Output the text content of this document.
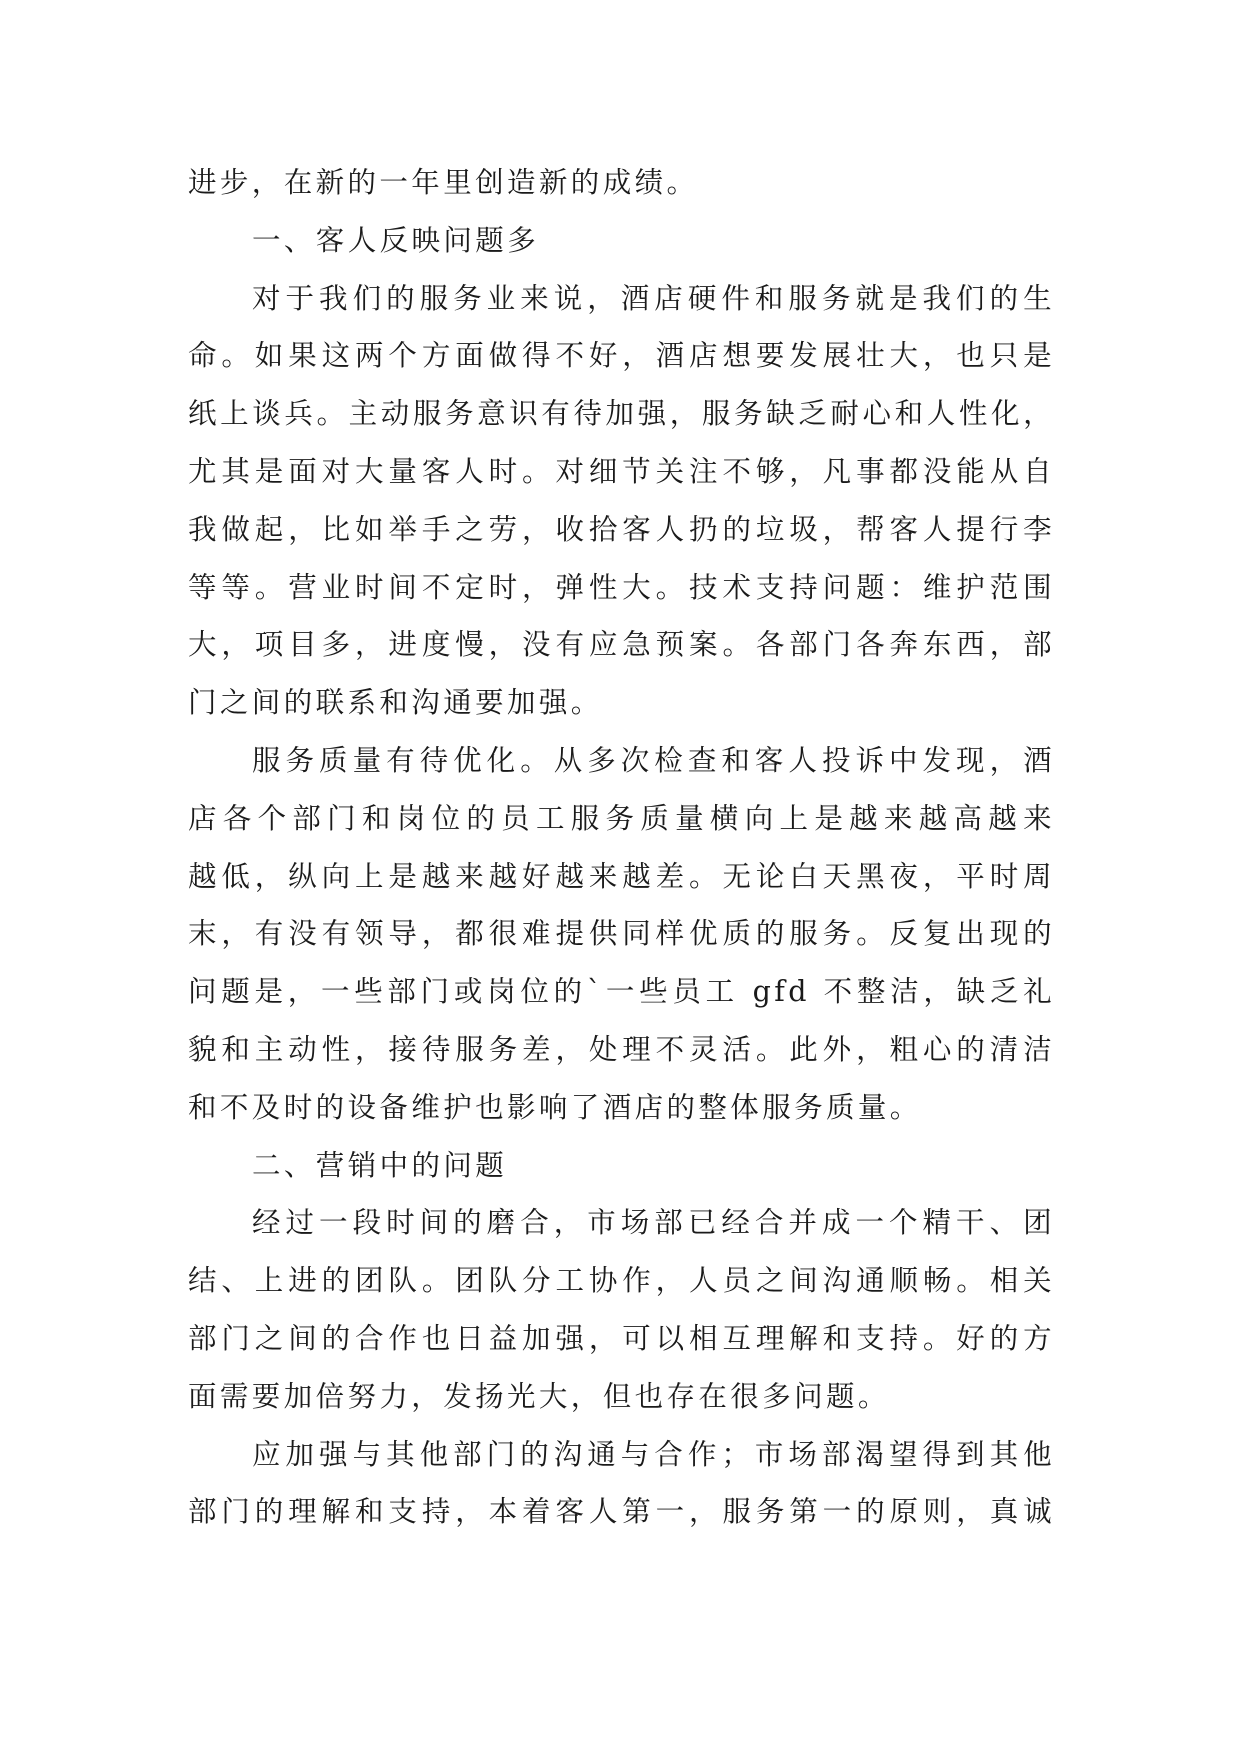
进步，在新的一年里创造新的成绩。
一、客人反映问题多
对于我们的服务业来说，酒店硬件和服务就是我们的生
命。如果这两个方面做得不好，酒店想要发展壮大，也只是
纸上谈兵。主动服务意识有待加强，服务缺乏耐心和人性化，
尤其是面对大量客人时。对细节关注不够，凡事都没能从自
我做起，比如举手之劳，收拾客人扔的垃圾，帮客人提行李
等等。营业时间不定时，弹性大。技术支持问题：维护范围
大，项目多，进度慢，没有应急预案。各部门各奔东西，部
门之间的联系和沟通要加强。
服务质量有待优化。从多次检查和客人投诉中发现，酒
店各个部门和岗位的员工服务质量横向上是越来越高越来
越低，纵向上是越来越好越来越差。无论白天黑夜，平时周
末，有没有领导，都很难提供同样优质的服务。反复出现的
问题是，一些部门或岗位的`一些员工 gfd 不整洁，缺乏礼
貌和主动性，接待服务差，处理不灵活。此外，粗心的清洁
和不及时的设备维护也影响了酒店的整体服务质量。
二、营销中的问题
经过一段时间的磨合，市场部已经合并成一个精干、团
结、上进的团队。团队分工协作，人员之间沟通顺畅。相关
部门之间的合作也日益加强，可以相互理解和支持。好的方
面需要加倍努力，发扬光大，但也存在很多问题。
应加强与其他部门的沟通与合作；市场部渴望得到其他
部门的理解和支持，本着客人第一，服务第一的原则，真诚
